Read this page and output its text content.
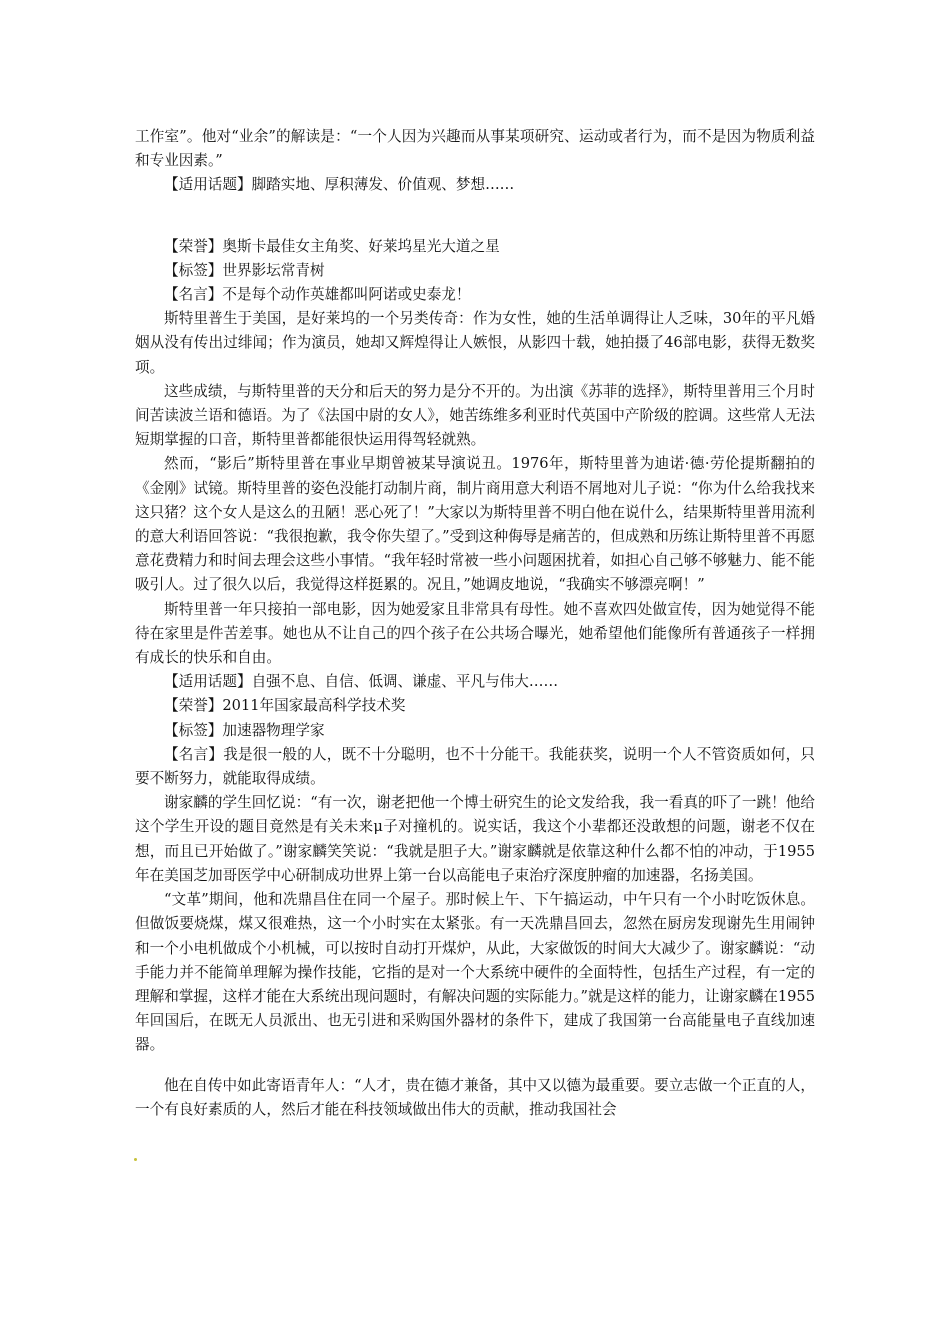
工作室”。他对“业余”的解读是：“一个人因为兴趣而从事某项研究、运动或者行为，而不是因为物质利益和专业因素。”

【适用话题】脚踏实地、厚积薄发、价值观、梦想……

【荣誉】奥斯卡最佳女主角奖、好莱坞星光大道之星

【标签】世界影坛常青树

【名言】不是每个动作英雄都叫阿诺或史泰龙！

斯特里普生于美国，是好莱坞的一个另类传奇：作为女性，她的生活单调得让人乏味，30年的平凡婚姻从没有传出过绯闻；作为演员，她却又辉煌得让人嫉恨，从影四十载，她拍摄了46部电影，获得无数奖项。

这些成绩，与斯特里普的天分和后天的努力是分不开的。为出演《苏菲的选择》，斯特里普用三个月时间苦读波兰语和德语。为了《法国中尉的女人》，她苦练维多利亚时代英国中产阶级的腔调。这些常人无法短期掌握的口音，斯特里普都能很快运用得驾轻就熟。

然而，“影后”斯特里普在事业早期曾被某导演说丑。1976年，斯特里普为迪诺·德·劳伦提斯翻拍的《金刚》试镜。斯特里普的姿色没能打动制片商，制片商用意大利语不屑地对儿子说：“你为什么给我找来这只猪？这个女人是这么的丑陋！恶心死了！”大家以为斯特里普不明白他在说什么，结果斯特里普用流利的意大利语回答说：“我很抱歉，我令你失望了。”受到这种侮辱是痛苦的，但成熟和历练让斯特里普不再愿意花费精力和时间去理会这些小事情。“我年轻时常被一些小问题困扰着，如担心自己够不够魅力、能不能吸引人。过了很久以后，我觉得这样挺累的。况且，”她调皮地说，“我确实不够漂亮啊！”

斯特里普一年只接拍一部电影，因为她爱家且非常具有母性。她不喜欢四处做宣传，因为她觉得不能待在家里是件苦差事。她也从不让自己的四个孩子在公共场合曝光，她希望他们能像所有普通孩子一样拥有成长的快乐和自由。

【适用话题】自强不息、自信、低调、谦虚、平凡与伟大……

【荣誉】2011年国家最高科学技术奖

【标签】加速器物理学家

【名言】我是很一般的人，既不十分聪明，也不十分能干。我能获奖，说明一个人不管资质如何，只要不断努力，就能取得成绩。

谢家麟的学生回忆说：“有一次，谢老把他一个博士研究生的论文发给我，我一看真的吓了一跳！他给这个学生开设的题目竟然是有关未来μ子对撞机的。说实话，我这个小辈都还没敢想的问题，谢老不仅在想，而且已开始做了。”谢家麟笑笑说：“我就是胆子大。”谢家麟就是依靠这种什么都不怕的冲动，于1955年在美国芝加哥医学中心研制成功世界上第一台以高能电子束治疗深度肿瘤的加速器，名扬美国。

“文革”期间，他和冼鼎昌住在同一个屋子。那时候上午、下午搞运动，中午只有一个小时吃饭休息。但做饭要烧煤，煤又很难热，这一个小时实在太紧张。有一天冼鼎昌回去，忽然在厨房发现谢先生用闹钟和一个小电机做成个小机械，可以按时自动打开煤炉，从此，大家做饭的时间大大减少了。谢家麟说：“动手能力并不能简单理解为操作技能，它指的是对一个大系统中硬件的全面特性，包括生产过程，有一定的理解和掌握，这样才能在大系统出现问题时，有解决问题的实际能力。”就是这样的能力，让谢家麟在1955年回国后，在既无人员派出、也无引进和采购国外器材的条件下，建成了我国第一台高能量电子直线加速器。

他在自传中如此寄语青年人：“人才，贵在德才兼备，其中又以德为最重要。要立志做一个正直的人，一个有良好素质的人，然后才能在科技领域做出伟大的贡献，推动我国社会
